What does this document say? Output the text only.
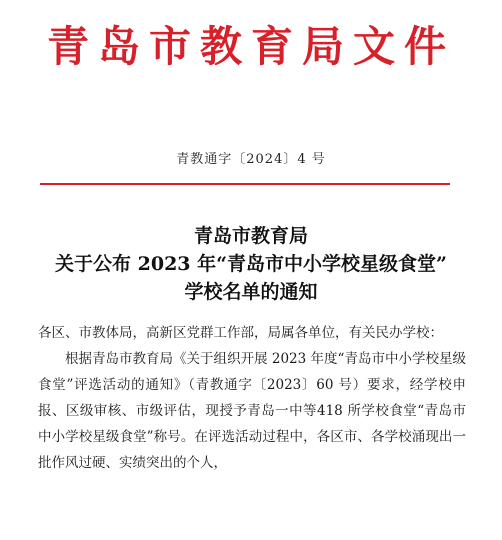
青岛市教育局文件
青教通字〔2024〕4 号
青岛市教育局
关于公布 2023 年“青岛市中小学校星级食堂”
学校名单的通知

各区、市教体局，高新区党群工作部，局属各单位，有关民办学校：

根据青岛市教育局《关于组织开展 2023 年度“青岛市中小学校星级食堂”评选活动的通知》（青教通字〔2023〕60 号）要求，经学校申报、区级审核、市级评估，现授予青岛一中等418 所学校食堂“青岛市中小学校星级食堂”称号。在评选活动过程中，各区市、各学校涌现出一批作风过硬、实绩突出的个人，
